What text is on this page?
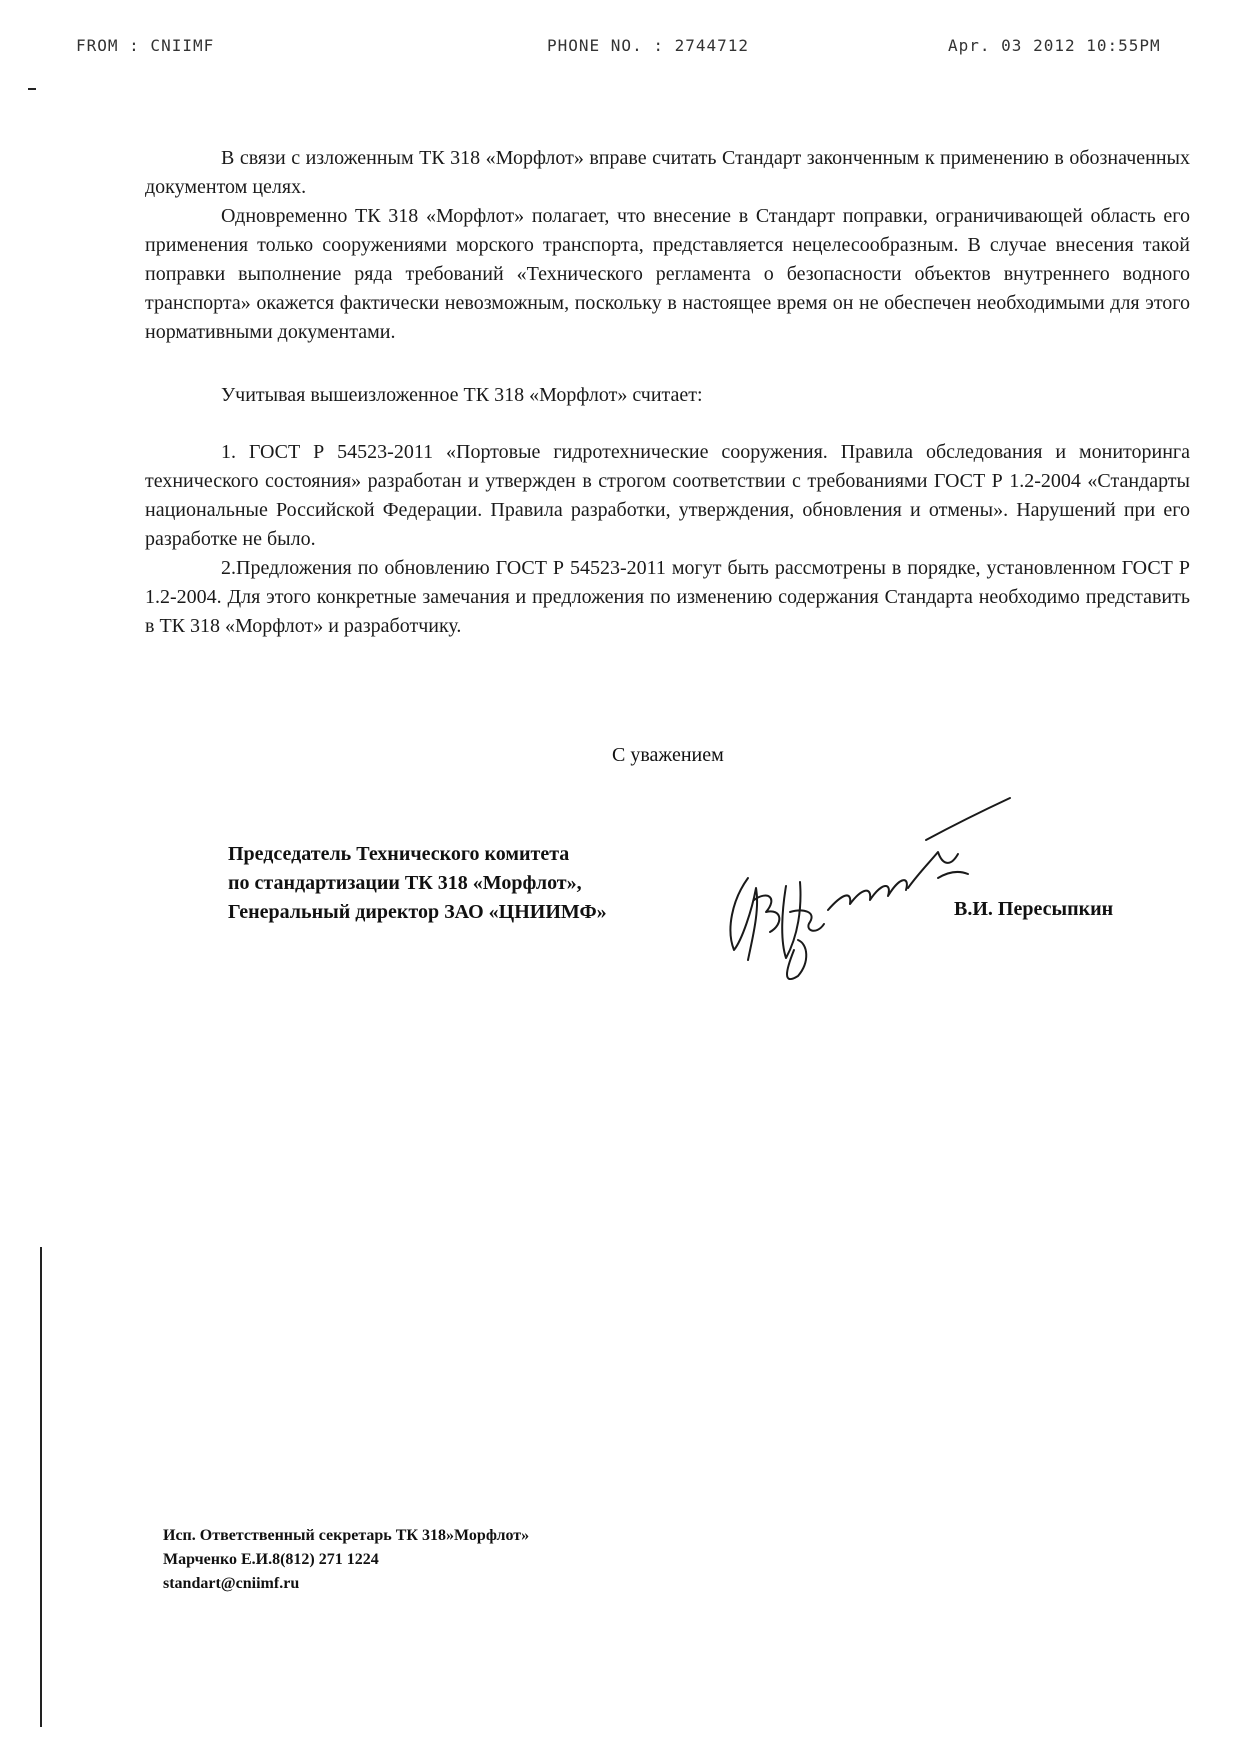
FROM : CNIIMF	PHONE NO. : 2744712	Apr. 03 2012 10:55PM

В связи с изложенным ТК 318 «Морфлот» вправе считать Стандарт законченным к применению в обозначенных документом целях.

Одновременно ТК 318 «Морфлот» полагает, что внесение в Стандарт поправки, ограничивающей область его применения только сооружениями морского транспорта, представляется нецелесообразным. В случае внесения такой поправки выполнение ряда требований «Технического регламента о безопасности объектов внутреннего водного транспорта» окажется фактически невозможным, поскольку в настоящее время он не обеспечен необходимыми для этого нормативными документами.

Учитывая вышеизложенное ТК 318 «Морфлот» считает:

1. ГОСТ Р 54523-2011 «Портовые гидротехнические сооружения. Правила обследования и мониторинга технического состояния» разработан и утвержден в строгом соответствии с требованиями ГОСТ Р 1.2-2004 «Стандарты национальные Российской Федерации. Правила разработки, утверждения, обновления и отмены». Нарушений при его разработке не было.

2.Предложения по обновлению ГОСТ Р 54523-2011 могут быть рассмотрены в порядке, установленном ГОСТ Р 1.2-2004. Для этого конкретные замечания и предложения по изменению содержания Стандарта необходимо представить в ТК 318 «Морфлот» и разработчику.

С уважением
Председатель Технического комитета
по стандартизации ТК 318 «Морфлот»,
Генеральный директор ЗАО «ЦНИИМФ»	В.И. Пересыпкин
Исп. Ответственный секретарь ТК 318»Морфлот»
Марченко Е.И.8(812) 271 1224
standart@cniimf.ru
